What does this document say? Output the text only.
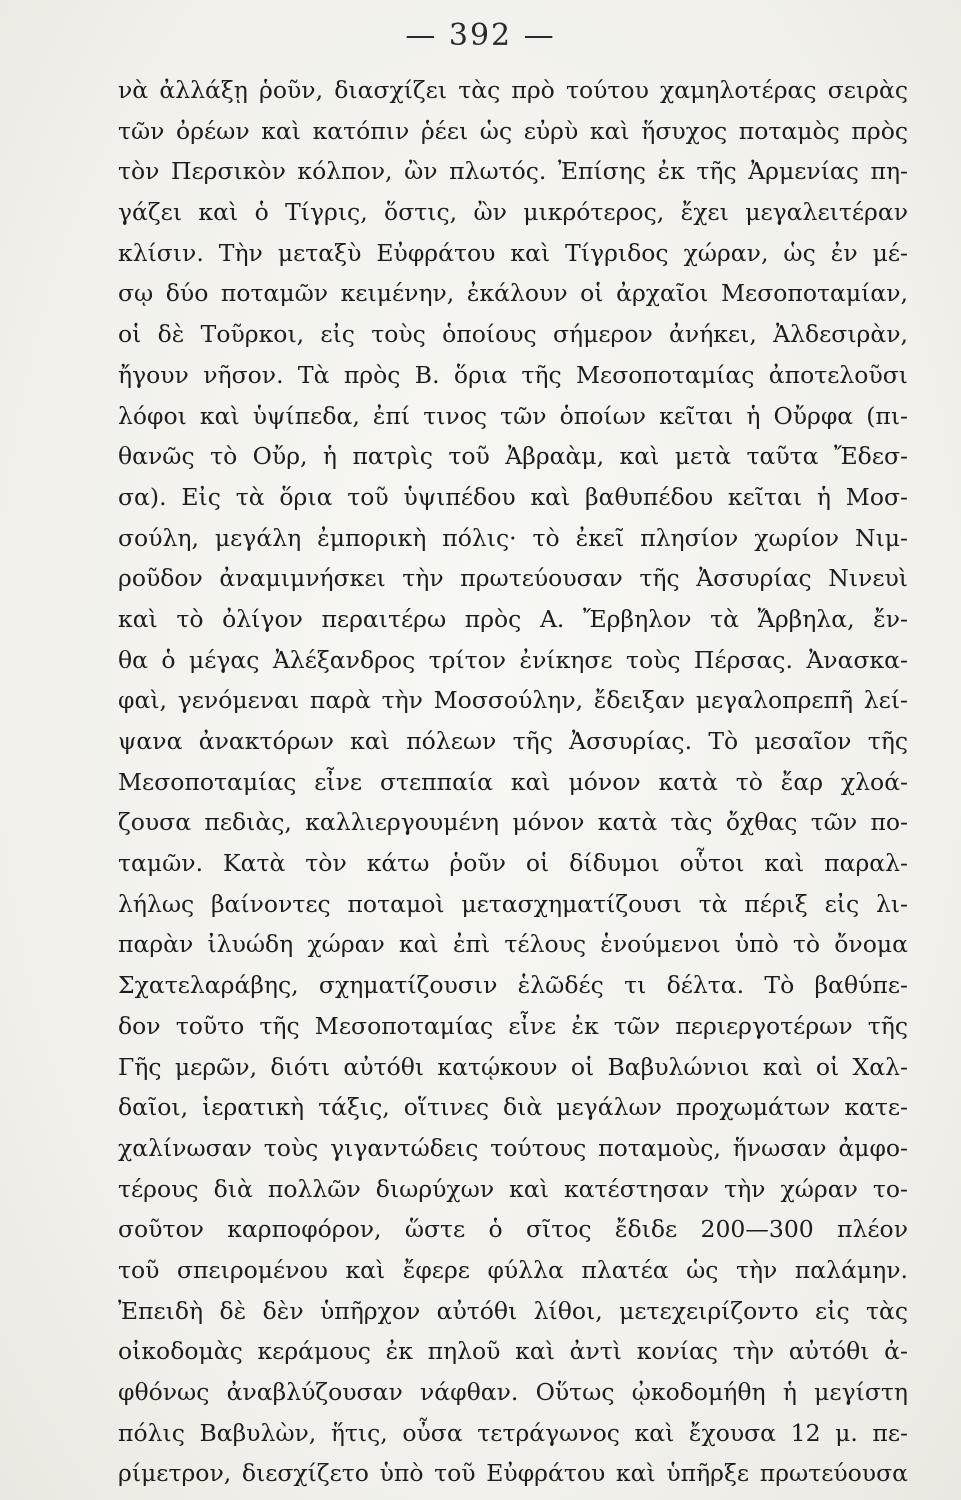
— 392 —
νὰ ἀλλάξῃ ῥοῦν, διασχίζει τὰς πρὸ τούτου χαμηλοτέρας σειρὰς
τῶν ὀρέων καὶ κατόπιν ῥέει ὡς εὐρὺ καὶ ἥσυχος ποταμὸς πρὸς
τὸν Περσικὸν κόλπον, ὢν πλωτός. Ἐπίσης ἐκ τῆς Ἀρμενίας πη-
γάζει καὶ ὁ Τίγρις, ὅστις, ὢν μικρότερος, ἔχει μεγαλειτέραν
κλίσιν. Τὴν μεταξὺ Εὐφράτου καὶ Τίγριδος χώραν, ὡς ἐν μέ-
σῳ δύο ποταμῶν κειμένην, ἐκάλουν οἱ ἀρχαῖοι Μεσοποταμίαν,
οἱ δὲ Τοῦρκοι, εἰς τοὺς ὁποίους σήμερον ἀνήκει, Ἀλδεσιρὰν,
ἤγουν νῆσον. Τὰ πρὸς Β. ὅρια τῆς Μεσοποταμίας ἀποτελοῦσι
λόφοι καὶ ὑψίπεδα, ἐπί τινος τῶν ὁποίων κεῖται ἡ Οὔρφα (πι-
θανῶς τὸ Οὔρ, ἡ πατρὶς τοῦ Ἀβραὰμ, καὶ μετὰ ταῦτα Ἔδεσ-
σα). Εἰς τὰ ὅρια τοῦ ὑψιπέδου καὶ βαθυπέδου κεῖται ἡ Μοσ-
σούλη, μεγάλη ἐμπορικὴ πόλις· τὸ ἐκεῖ πλησίον χωρίον Νιμ-
ροῦδον ἀναμιμνήσκει τὴν πρωτεύουσαν τῆς Ἀσσυρίας Νινευὶ
καὶ τὸ ὀλίγον περαιτέρω πρὸς Α. Ἔρβηλον τὰ Ἄρβηλα, ἔν-
θα ὁ μέγας Ἀλέξανδρος τρίτον ἐνίκησε τοὺς Πέρσας. Ἀνασκα-
φαὶ, γενόμεναι παρὰ τὴν Μοσσούλην, ἔδειξαν μεγαλοπρεπῆ λεί-
ψανα ἀνακτόρων καὶ πόλεων τῆς Ἀσσυρίας. Τὸ μεσαῖον τῆς
Μεσοποταμίας εἶνε στεππαία καὶ μόνον κατὰ τὸ ἔαρ χλοά-
ζουσα πεδιὰς, καλλιεργουμένη μόνον κατὰ τὰς ὄχθας τῶν πο-
ταμῶν. Κατὰ τὸν κάτω ῥοῦν οἱ δίδυμοι οὗτοι καὶ παραλ-
λήλως βαίνοντες ποταμοὶ μετασχηματίζουσι τὰ πέριξ εἰς λι-
παρὰν ἰλυώδη χώραν καὶ ἐπὶ τέλους ἑνούμενοι ὑπὸ τὸ ὄνομα
Σχατελαράβης, σχηματίζουσιν ἑλῶδές τι δέλτα. Τὸ βαθύπε-
δον τοῦτο τῆς Μεσοποταμίας εἶνε ἐκ τῶν περιεργοτέρων τῆς
Γῆς μερῶν, διότι αὐτόθι κατῴκουν οἱ Βαβυλώνιοι καὶ οἱ Χαλ-
δαῖοι, ἱερατικὴ τάξις, οἵτινες διὰ μεγάλων προχωμάτων κατε-
χαλίνωσαν τοὺς γιγαντώδεις τούτους ποταμοὺς, ἥνωσαν ἀμφο-
τέρους διὰ πολλῶν διωρύχων καὶ κατέστησαν τὴν χώραν το-
σοῦτον καρποφόρον, ὥστε ὁ σῖτος ἔδιδε 200—300 πλέον
τοῦ σπειρομένου καὶ ἔφερε φύλλα πλατέα ὡς τὴν παλάμην.
Ἐπειδὴ δὲ δὲν ὑπῆρχον αὐτόθι λίθοι, μετεχειρίζοντο εἰς τὰς
οἰκοδομὰς κεράμους ἐκ πηλοῦ καὶ ἀντὶ κονίας τὴν αὐτόθι ἀ-
φθόνως ἀναβλύζουσαν νάφθαν. Οὕτως ᾠκοδομήθη ἡ μεγίστη
πόλις Βαβυλὼν, ἥτις, οὖσα τετράγωνος καὶ ἔχουσα 12 μ. πε-
ρίμετρον, διεσχίζετο ὑπὸ τοῦ Εὐφράτου καὶ ὑπῆρξε πρωτεύουσα
